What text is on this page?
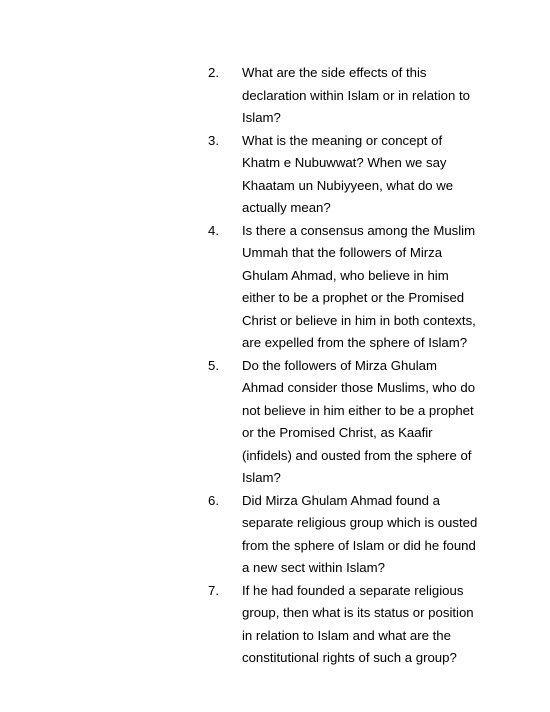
2.	What are the side effects of this
declaration within Islam or in relation to
Islam?
3.	What is the meaning or concept of
Khatm e Nubuwwat? When we say
Khaatam un Nubiyyeen, what do we
actually mean?
4.	Is there a consensus among the Muslim
Ummah that the followers of Mirza
Ghulam Ahmad, who believe in him
either to be a prophet or the Promised
Christ or believe in him in both contexts,
are expelled from the sphere of Islam?
5.	Do the followers of Mirza Ghulam
Ahmad consider those Muslims, who do
not believe in him either to be a prophet
or the Promised Christ, as Kaafir
(infidels) and ousted from the sphere of
Islam?
6.	Did Mirza Ghulam Ahmad found a
separate religious group which is ousted
from the sphere of Islam or did he found
a new sect within Islam?
7.	If he had founded a separate religious
group, then what is its status or position
in relation to Islam and what are the
constitutional rights of such a group?
